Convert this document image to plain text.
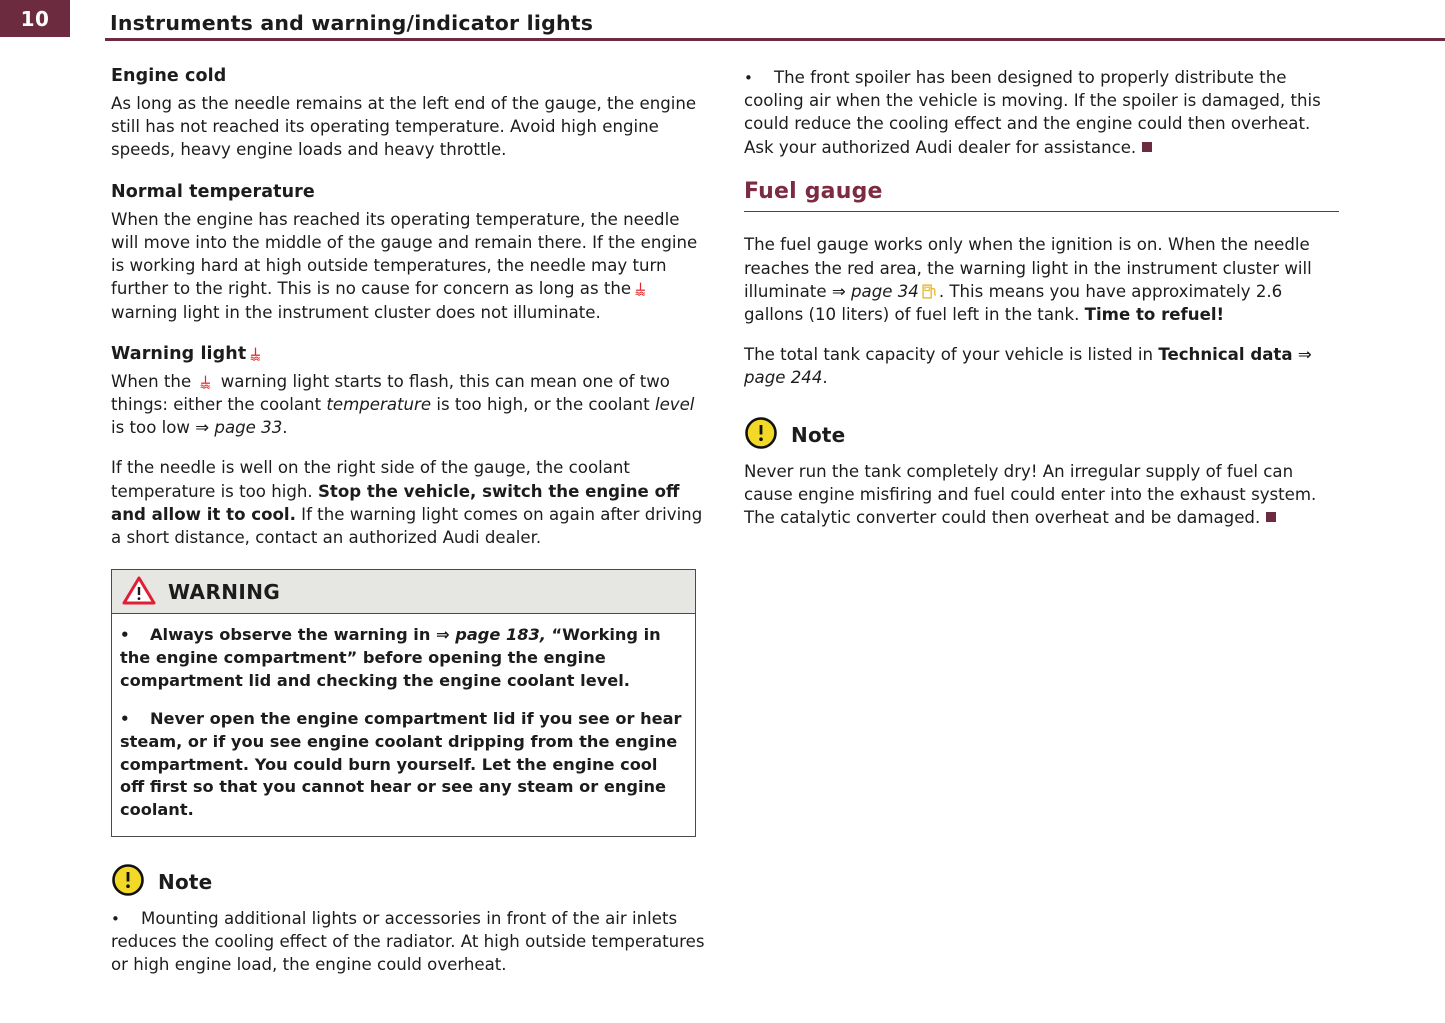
10	Instruments and warning/indicator lights
Engine cold

As long as the needle remains at the left end of the gauge, the engine still has not reached its operating temperature. Avoid high engine speeds, heavy engine loads and heavy throttle.

Normal temperature

When the engine has reached its operating temperature, the needle will move into the middle of the gauge and remain there. If the engine is working hard at high outside temperatures, the needle may turn further to the right. This is no cause for concern as long as the warning light in the instrument cluster does not illuminate.

Warning light

When the warning light starts to flash, this can mean one of two things: either the coolant temperature is too high, or the coolant level is too low ⇒ page 33.

If the needle is well on the right side of the gauge, the coolant temperature is too high. Stop the vehicle, switch the engine off and allow it to cool. If the warning light comes on again after driving a short distance, contact an authorized Audi dealer.

WARNING

•Always observe the warning in ⇒ page 183, “Working in the engine compartment” before opening the engine compartment lid and checking the engine coolant level.

•Never open the engine compartment lid if you see or hear steam, or if you see engine coolant dripping from the engine compartment. You could burn yourself. Let the engine cool off first so that you cannot hear or see any steam or engine coolant.

Note

•Mounting additional lights or accessories in front of the air inlets reduces the cooling effect of the radiator. At high outside temperatures or high engine load, the engine could overheat.

•The front spoiler has been designed to properly distribute the cooling air when the vehicle is moving. If the spoiler is damaged, this could reduce the cooling effect and the engine could then overheat. Ask your authorized Audi dealer for assistance.

Fuel gauge

The fuel gauge works only when the ignition is on. When the needle reaches the red area, the warning light in the instrument cluster will illuminate ⇒ page 34 . This means you have approximately 2.6 gallons (10 liters) of fuel left in the tank. Time to refuel!

The total tank capacity of your vehicle is listed in Technical data ⇒ page 244.

Note

Never run the tank completely dry! An irregular supply of fuel can cause engine misfiring and fuel could enter into the exhaust system. The catalytic converter could then overheat and be damaged.
